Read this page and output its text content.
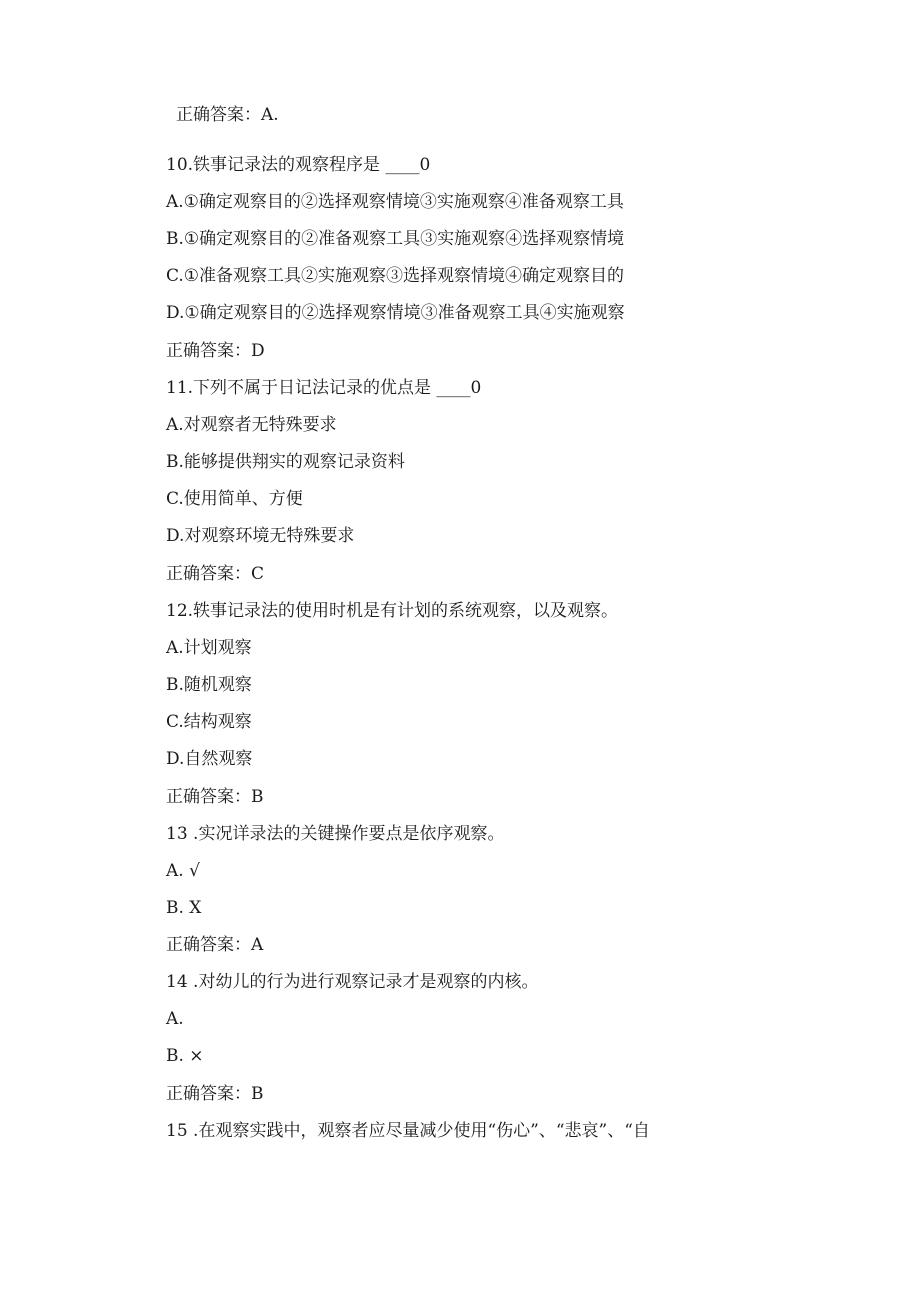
正确答案：A.
10.铁事记录法的观察程序是 ____0
A.①确定观察目的②选择观察情境③实施观察④准备观察工具
B.①确定观察目的②准备观察工具③实施观察④选择观察情境
C.①准备观察工具②实施观察③选择观察情境④确定观察目的
D.①确定观察目的②选择观察情境③准备观察工具④实施观察
正确答案：D
11.下列不属于日记法记录的优点是 ____0
A.对观察者无特殊要求
B.能够提供翔实的观察记录资料
C.使用简单、方便
D.对观察环境无特殊要求
正确答案：C
12.轶事记录法的使用时机是有计划的系统观察，以及观察。
A.计划观察
B.随机观察
C.结构观察
D.自然观察
正确答案：B
13 .实况详录法的关键操作要点是依序观察。
A. √
B. X
正确答案：A
14 .对幼儿的行为进行观察记录才是观察的内核。
A.
B. ×
正确答案：B
15 .在观察实践中，观察者应尽量减少使用“伤心”、“悲哀”、“自
